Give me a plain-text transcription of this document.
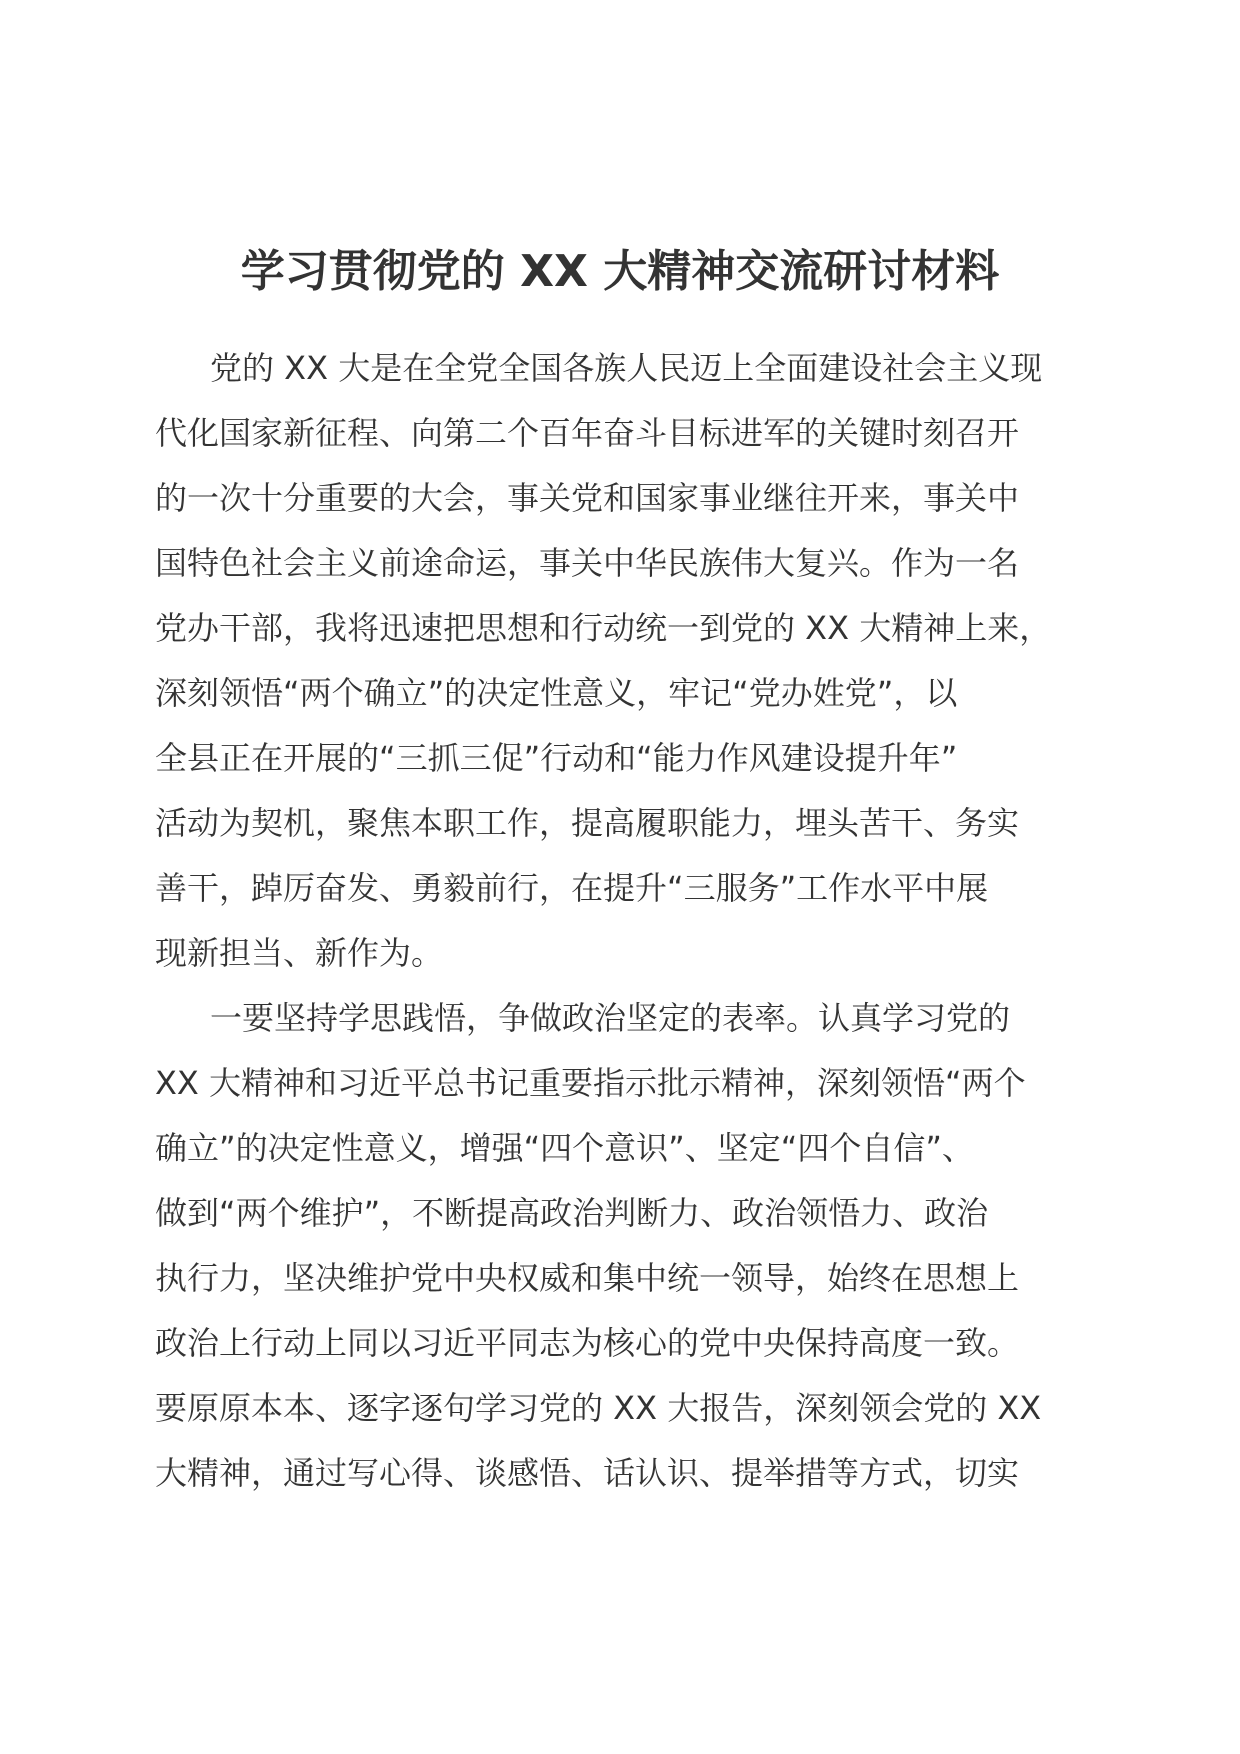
学习贯彻党的 XX 大精神交流研讨材料
党的 XX 大是在全党全国各族人民迈上全面建设社会主义现
代化国家新征程、向第二个百年奋斗目标进军的关键时刻召开
的一次十分重要的大会，事关党和国家事业继往开来，事关中
国特色社会主义前途命运，事关中华民族伟大复兴。作为一名
党办干部，我将迅速把思想和行动统一到党的 XX 大精神上来，
深刻领悟“两个确立”的决定性意义，牢记“党办姓党”，以
全县正在开展的“三抓三促”行动和“能力作风建设提升年”
活动为契机，聚焦本职工作，提高履职能力，埋头苦干、务实
善干，踔厉奋发、勇毅前行，在提升“三服务”工作水平中展
现新担当、新作为。
一要坚持学思践悟，争做政治坚定的表率。认真学习党的
XX 大精神和习近平总书记重要指示批示精神，深刻领悟“两个
确立”的决定性意义，增强“四个意识”、坚定“四个自信”、
做到“两个维护”，不断提高政治判断力、政治领悟力、政治
执行力，坚决维护党中央权威和集中统一领导，始终在思想上
政治上行动上同以习近平同志为核心的党中央保持高度一致。
要原原本本、逐字逐句学习党的 XX 大报告，深刻领会党的 XX
大精神，通过写心得、谈感悟、话认识、提举措等方式，切实
